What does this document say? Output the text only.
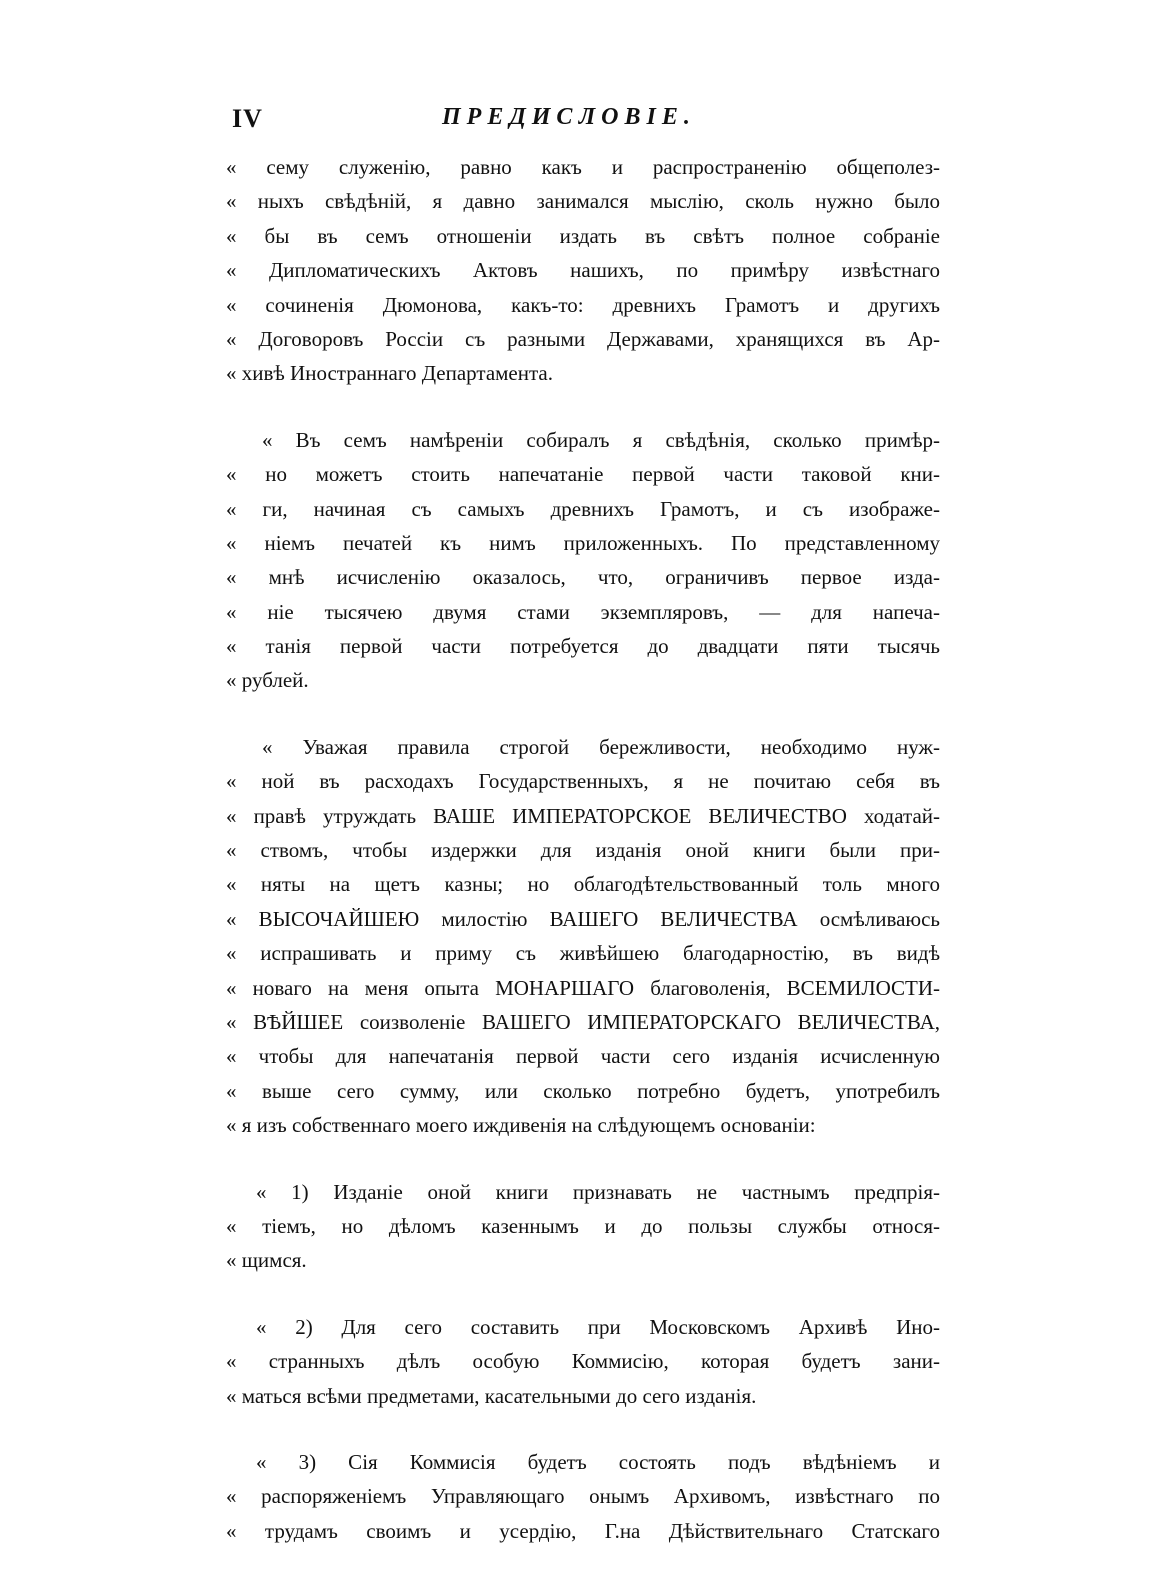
IV	ПРЕДИСЛОВІЕ.
« сему служенію, равно какъ и распространенію общеполез-
« ныхъ свѣдѣній, я давно занимался мыслію, сколь нужно было
« бы въ семъ отношеніи издать въ свѣтъ полное собраніе
« Дипломатическихъ Актовъ нашихъ, по примѣру извѣстнаго
« сочиненія Дюмонова, какъ-то: древнихъ Грамотъ и другихъ
« Договоровъ Россіи съ разными Державами, хранящихся въ Ар-
« хивѣ Иностраннаго Департамента.
« Въ семъ намѣреніи собиралъ я свѣдѣнія, сколько примѣр-
« но можетъ стоить напечатаніе первой части таковой кни-
« ги, начиная съ самыхъ древнихъ Грамотъ, и съ изображе-
« ніемъ печатей къ нимъ приложенныхъ. По представленному
« мнѣ исчисленію оказалось, что, ограничивъ первое изда-
« ніе тысячею двумя стами экземпляровъ, — для напеча-
« танія первой части потребуется до двадцати пяти тысячь
« рублей.
« Уважая правила строгой бережливости, необходимо нуж-
« ной въ расходахъ Государственныхъ, я не почитаю себя въ
« правѣ утруждать ВАШЕ ИМПЕРАТОРСКОЕ ВЕЛИЧЕСТВО ходатай-
« ствомъ, чтобы издержки для изданія оной книги были при-
« няты на щетъ казны; но облагодѣтельствованный толь много
« ВЫСОЧАЙШЕЮ милостію ВАШЕГО ВЕЛИЧЕСТВА осмѣливаюсь
« испрашивать и приму съ живѣйшею благодарностію, въ видѣ
« новаго на меня опыта МОНАРШАГО благоволенія, ВСЕМИЛОСТИ-
« ВѢЙШЕЕ соизволеніе ВАШЕГО ИМПЕРАТОРСКАГО ВЕЛИЧЕСТВА,
« чтобы для напечатанія первой части сего изданія исчисленную
« выше сего сумму, или сколько потребно будетъ, употребилъ
« я изъ собственнаго моего иждивенія на слѣдующемъ основаніи:
« 1) Изданіе оной книги признавать не частнымъ предпрія-
« тіемъ, но дѣломъ казеннымъ и до пользы службы относя-
« щимся.
« 2) Для сего составить при Московскомъ Архивѣ Ино-
« странныхъ дѣлъ особую Коммисію, которая будетъ зани-
« маться всѣми предметами, касательными до сего изданія.
« 3) Сія Коммисія будетъ состоять подъ вѣдѣніемъ и
« распоряженіемъ Управляющаго онымъ Архивомъ, извѣстнаго по
« трудамъ своимъ и усердію, Г.на Дѣйствительнаго Статскаго
